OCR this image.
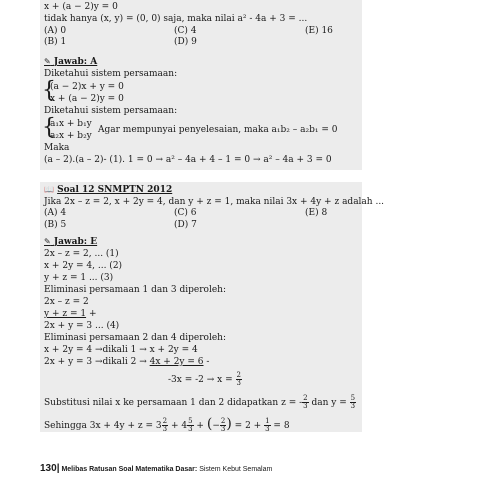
x + (a − 2)y = 0
tidak hanya (x, y) = (0, 0) saja, maka nilai a² - 4a + 3 = ...
(A) 0	(C) 4	(E) 16
(B) 1	(D) 9
✎ Jawab: A
Diketahui sistem persamaan:
{
(a − 2)x + y = 0
x + (a − 2)y = 0
Diketahui sistem persamaan:
{
a₁x + b₁y
a₂x + b₂y
Agar mempunyai penyelesaian, maka a₁b₂ – a₂b₁ = 0
Maka
(a – 2).(a – 2)- (1). 1 = 0 → a² – 4a + 4 – 1 = 0 → a² – 4a + 3 = 0
📖 Soal 12 SNMPTN 2012
Jika 2x – z = 2, x + 2y = 4, dan y + z = 1, maka nilai 3x + 4y + z adalah ...
(A) 4	(C) 6	(E) 8
(B) 5	(D) 7
✎ Jawab: E
2x – z = 2, ... (1)
x + 2y = 4, ... (2)
y + z = 1 ... (3)
Eliminasi persamaan 1 dan 3 diperoleh:
2x – z = 2
y + z = 1 +
2x + y = 3 ... (4)
Eliminasi persamaan 2 dan 4 diperoleh:
x + 2y = 4 →dikali 1 → x + 2y = 4
2x + y = 3 →dikali 2 → 4x + 2y = 6 -
$-3x = -2 \to x = \frac{2}{3}$
Substitusi nilai x ke persamaan 1 dan 2 didapatkan z = - $\frac{2}{3}$ dan $y = \frac{5}{3}$
Sehingga $3x + 4y + z = 3 \frac{2}{3} + 4 \frac{5}{3}$ + (− $\frac{2}{3}$ ) = $2 + \frac{1}{3} = 8$
130| Melibas Ratusan Soal Matematika Dasar: Sistem Kebut Semalam
